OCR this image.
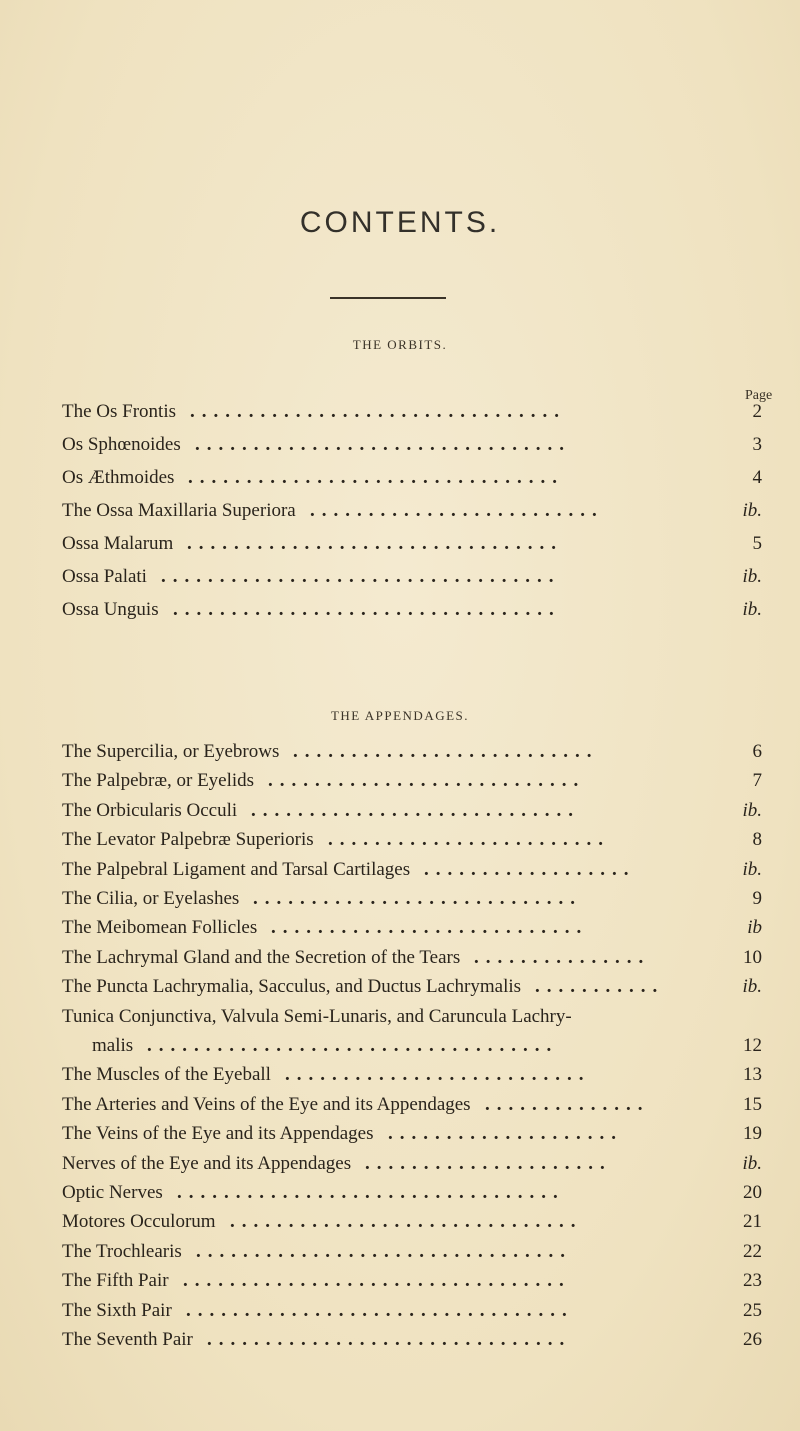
CONTENTS.
THE ORBITS.
Page
THE APPENDAGES.
The Os Frontis ................................	2
Os Sphœnoides ................................	3
Os Æthmoides ................................	4
The Ossa Maxillaria Superiora .........................	ib.
Ossa Malarum ................................	5
Ossa Palati ..................................	ib.
Ossa Unguis .................................	ib.
The Supercilia, or Eyebrows ..........................	6
The Palpebræ, or Eyelids ...........................	7
The Orbicularis Occuli ............................	ib.
The Levator Palpebræ Superioris ........................	8
The Palpebral Ligament and Tarsal Cartilages ..................	ib.
The Cilia, or Eyelashes ............................	9
The Meibomean Follicles ...........................	ib
The Lachrymal Gland and the Secretion of the Tears ...............	10
The Puncta Lachrymalia, Sacculus, and Ductus Lachrymalis ...........	ib.
Tunica Conjunctiva, Valvula Semi-Lunaris, and Caruncula Lachry-
malis ...................................	12
The Muscles of the Eyeball ..........................	13
The Arteries and Veins of the Eye and its Appendages ..............	15
The Veins of the Eye and its Appendages ....................	19
Nerves of the Eye and its Appendages .....................	ib.
Optic Nerves .................................	20
Motores Occulorum ..............................	21
The Trochlearis ................................	22
The Fifth Pair .................................	23
The Sixth Pair .................................	25
The Seventh Pair ...............................	26
